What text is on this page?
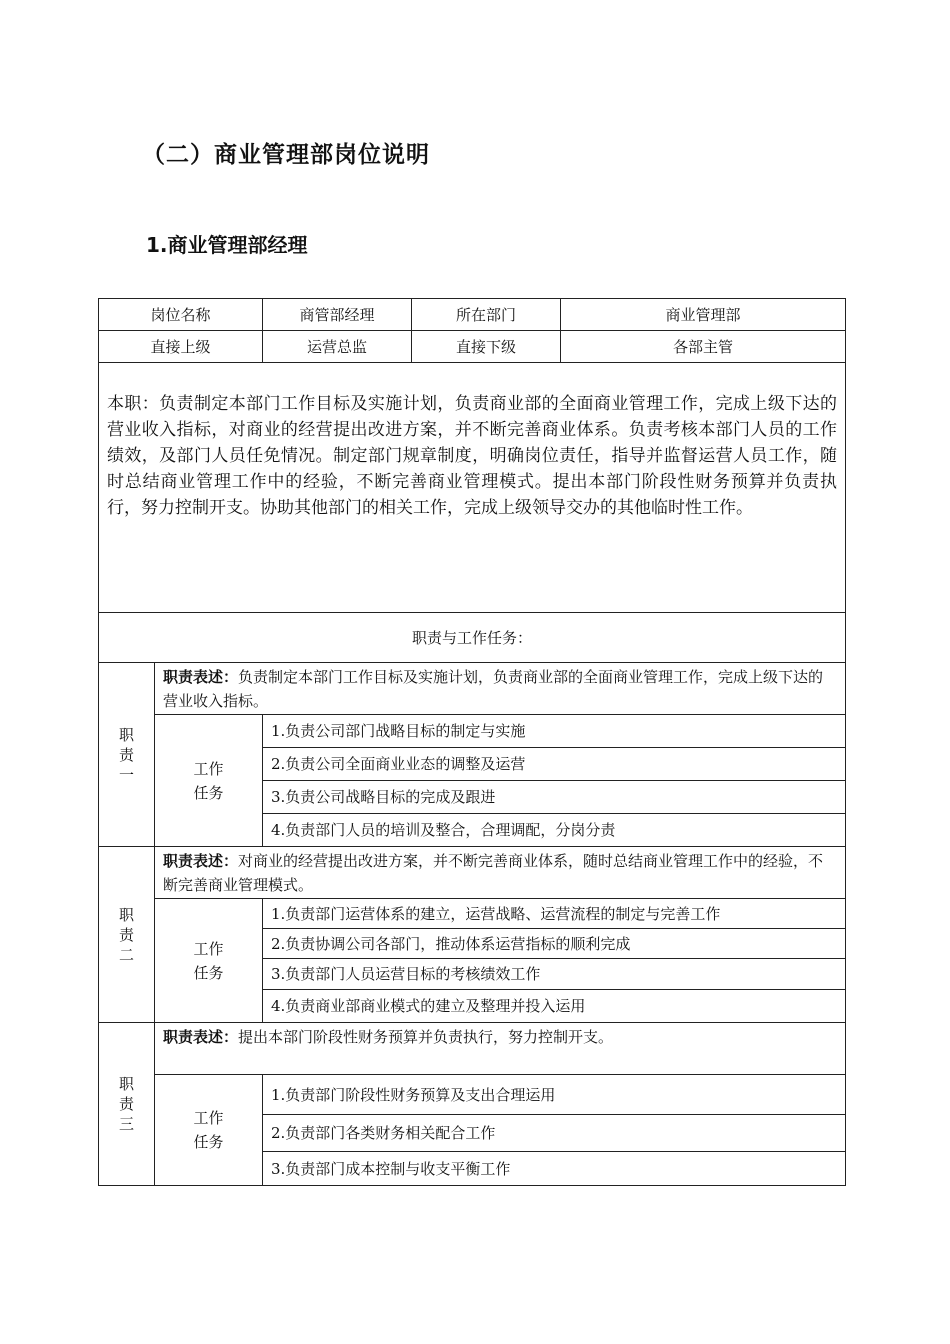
（二）商业管理部岗位说明
1.商业管理部经理
岗位名称		商管部经理	所在部门	商业管理部
直接上级		运营总监	直接下级	各部主管
本职：负责制定本部门工作目标及实施计划，负责商业部的全面商业管理工作，完成上级下达的营业收入指标，对商业的经营提出改进方案，并不断完善商业体系。负责考核本部门人员的工作绩效，及部门人员任免情况。制定部门规章制度，明确岗位责任，指导并监督运营人员工作，随时总结商业管理工作中的经验，不断完善商业管理模式。提出本部门阶段性财务预算并负责执行，努力控制开支。协助其他部门的相关工作，完成上级领导交办的其他临时性工作。				
职责与工作任务：				

职
责
一	职责表述：负责制定本部门工作目标及实施计划，负责商业部的全面商业管理工作，完成上级下达的营业收入指标。			

	工作
任务	1.负责公司部门战略目标的制定与实施		
		2.负责公司全面商业业态的调整及运营		
		3.负责公司战略目标的完成及跟进		
		4.负责部门人员的培训及整合，合理调配，分岗分责		

职
责
二	职责表述：对商业的经营提出改进方案，并不断完善商业体系，随时总结商业管理工作中的经验，不断完善商业管理模式。			

	工作
任务	1.负责部门运营体系的建立，运营战略、运营流程的制定与完善工作		
		2.负责协调公司各部门，推动体系运营指标的顺利完成		
		3.负责部门人员运营目标的考核绩效工作		
		4.负责商业部商业模式的建立及整理并投入运用		

职
责
三	职责表述：提出本部门阶段性财务预算并负责执行，努力控制开支。			

	工作
任务	1.负责部门阶段性财务预算及支出合理运用		
		2.负责部门各类财务相关配合工作		
		3.负责部门成本控制与收支平衡工作		
